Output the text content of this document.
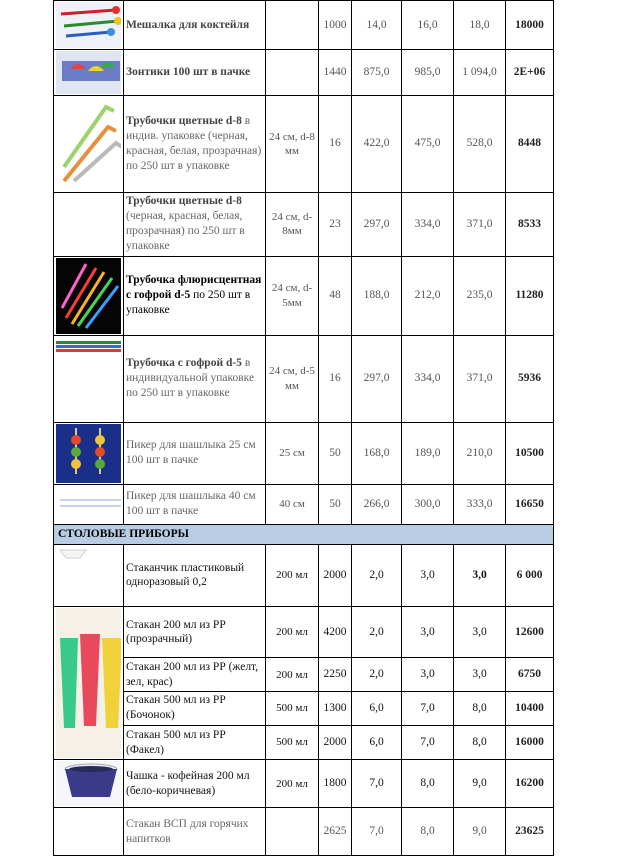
	Мешалка для коктейля		1000	14,0	16,0	18,0	18000

	Зонтики 100 шт в пачке		1440	875,0	985,0	1 094,0	2E+06

	Трубочки цветные d-8 в индив. упаковке (черная, красная, белая, прозрачная) по 250 шт в упаковке	24 см, d-8 мм	16	422,0	475,0	528,0	8448

	Трубочки цветные d-8 (черная, красная, белая, прозрачная) по 250 шт в упаковке	24 см, d-8мм	23	297,0	334,0	371,0	8533

	Трубочка флюрисцентная с гофрой d-5 по 250 шт в упаковке	24 см, d-5мм	48	188,0	212,0	235,0	11280

	Трубочка с гофрой d-5 в индивидуальной упаковке по 250 шт в упаковке	24 см, d-5 мм	16	297,0	334,0	371,0	5936

	Пикер для шашлыка 25 см 100 шт в пачке	25 см	50	168,0	189,0	210,0	10500

	Пикер для шашлыка 40 см 100 шт в пачке	40 см	50	266,0	300,0	333,0	16650
СТОЛОВЫЕ ПРИБОРЫ							

	Стаканчик пластиковый одноразовый 0,2	200 мл	2000	2,0	3,0	3,0	6 000

	Стакан 200 мл из РР (прозрачный)	200 мл	4200	2,0	3,0	3,0	12600
	Стакан 200 мл из РР (желт, зел, крас)	200 мл	2250	2,0	3,0	3,0	6750
	Стакан 500 мл из РР (Бочонок)	500 мл	1300	6,0	7,0	8,0	10400
	Стакан 500 мл из РР (Факел)	500 мл	2000	6,0	7,0	8,0	16000

	Чашка - кофейная 200 мл (бело-коричневая)	200 мл	1800	7,0	8,0	9,0	16200

	Стакан ВСП для горячих напитков		2625	7,0	8,0	9,0	23625
